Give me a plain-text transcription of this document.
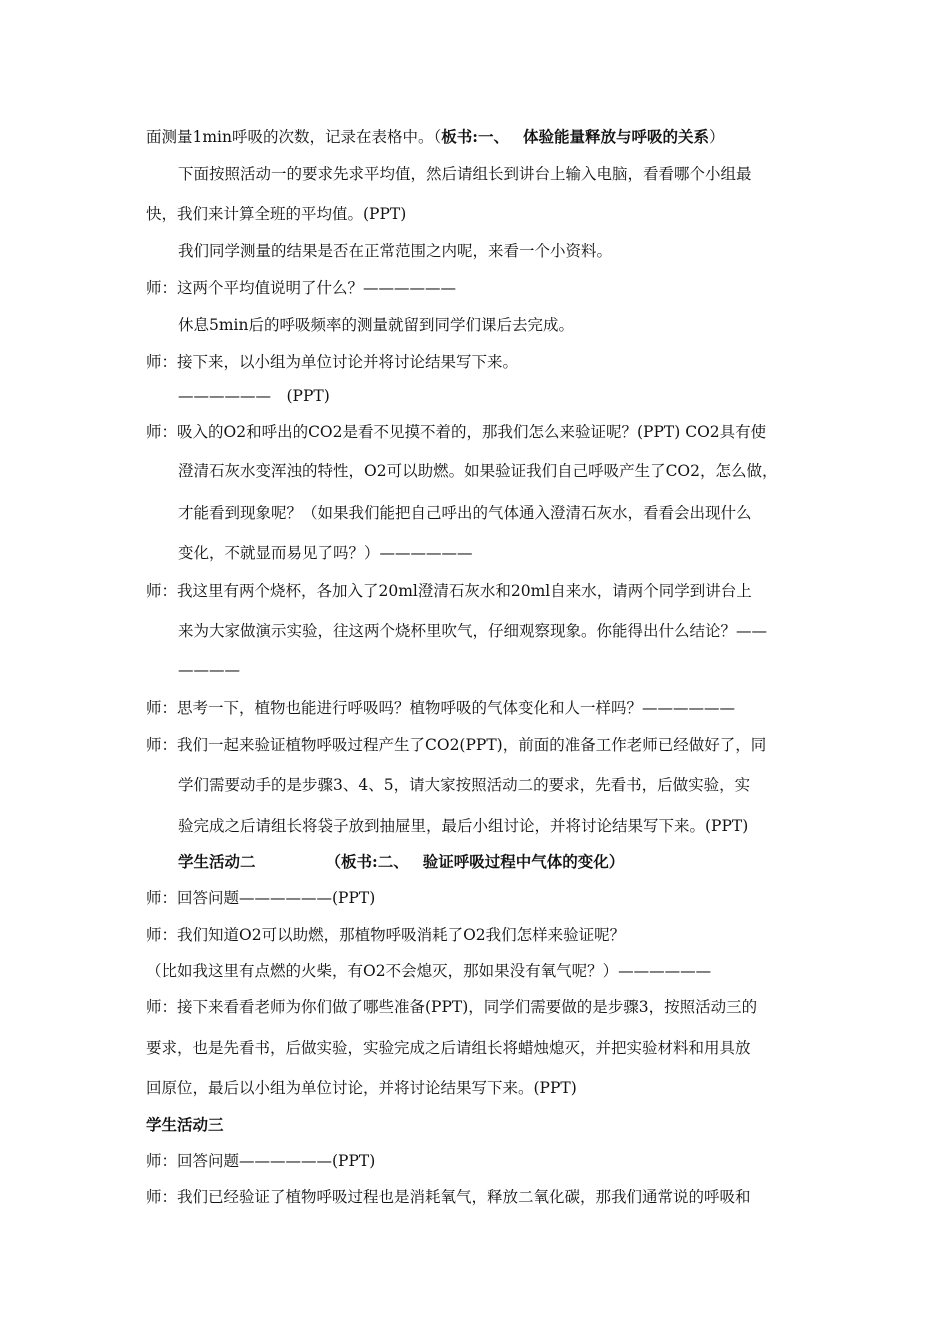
面测量1min呼吸的次数，记录在表格中。（板书:一、 体验能量释放与呼吸的关系）
下面按照活动一的要求先求平均值，然后请组长到讲台上输入电脑，看看哪个小组最
快，我们来计算全班的平均值。(PPT)
我们同学测量的结果是否在正常范围之内呢，来看一个小资料。
师：这两个平均值说明了什么？——————
休息5min后的呼吸频率的测量就留到同学们课后去完成。
师：接下来，以小组为单位讨论并将讨论结果写下来。
——————　(PPT)
师：吸入的O2和呼出的CO2是看不见摸不着的，那我们怎么来验证呢？(PPT) CO2具有使
澄清石灰水变浑浊的特性，O2可以助燃。如果验证我们自己呼吸产生了CO2，怎么做，
才能看到现象呢？（如果我们能把自己呼出的气体通入澄清石灰水，看看会出现什么
变化，不就显而易见了吗？）——————
师：我这里有两个烧杯，各加入了20ml澄清石灰水和20ml自来水，请两个同学到讲台上
来为大家做演示实验，往这两个烧杯里吹气，仔细观察现象。你能得出什么结论？——
————
师：思考一下，植物也能进行呼吸吗？植物呼吸的气体变化和人一样吗？——————
师：我们一起来验证植物呼吸过程产生了CO2(PPT)，前面的准备工作老师已经做好了，同
学们需要动手的是步骤3、4、5，请大家按照活动二的要求，先看书，后做实验，实
验完成之后请组长将袋子放到抽屉里，最后小组讨论，并将讨论结果写下来。(PPT)
学生活动二	（板书:二、 验证呼吸过程中气体的变化）
师：回答问题——————(PPT)
师：我们知道O2可以助燃，那植物呼吸消耗了O2我们怎样来验证呢？
（比如我这里有点燃的火柴，有O2不会熄灭，那如果没有氧气呢？）——————
师：接下来看看老师为你们做了哪些准备(PPT)，同学们需要做的是步骤3，按照活动三的
要求，也是先看书，后做实验，实验完成之后请组长将蜡烛熄灭，并把实验材料和用具放
回原位，最后以小组为单位讨论，并将讨论结果写下来。(PPT)
学生活动三
师：回答问题——————(PPT)
师：我们已经验证了植物呼吸过程也是消耗氧气，释放二氧化碳，那我们通常说的呼吸和
